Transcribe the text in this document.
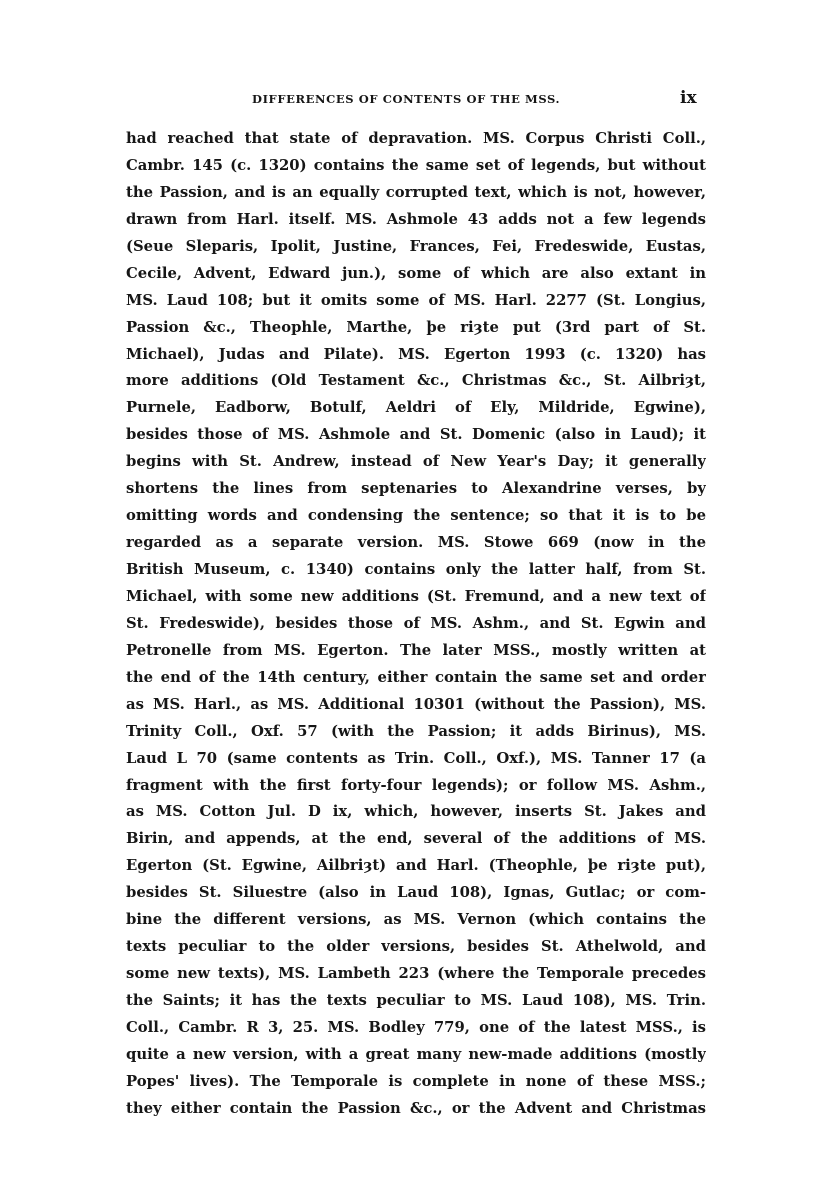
DIFFERENCES OF CONTENTS OF THE MSS.	ix
had reached that state of depravation. MS. Corpus Christi Coll.,
Cambr. 145 (c. 1320) contains the same set of legends, but without
the Passion, and is an equally corrupted text, which is not, however,
drawn from Harl. itself. MS. Ashmole 43 adds not a few legends
(Seue Sleparis, Ipolit, Justine, Frances, Fei, Fredeswide, Eustas,
Cecile, Advent, Edward jun.), some of which are also extant in
MS. Laud 108; but it omits some of MS. Harl. 2277 (St. Longius,
Passion &c., Theophle, Marthe, þe riȝte put (3rd part of St.
Michael), Judas and Pilate). MS. Egerton 1993 (c. 1320) has
more additions (Old Testament &c., Christmas &c., St. Ailbriȝt,
Purnele, Eadborw, Botulf, Aeldri of Ely, Mildride, Egwine),
besides those of MS. Ashmole and St. Domenic (also in Laud); it
begins with St. Andrew, instead of New Year's Day; it generally
shortens the lines from septenaries to Alexandrine verses, by
omitting words and condensing the sentence; so that it is to be
regarded as a separate version. MS. Stowe 669 (now in the
British Museum, c. 1340) contains only the latter half, from St.
Michael, with some new additions (St. Fremund, and a new text of
St. Fredeswide), besides those of MS. Ashm., and St. Egwin and
Petronelle from MS. Egerton. The later MSS., mostly written at
the end of the 14th century, either contain the same set and order
as MS. Harl., as MS. Additional 10301 (without the Passion), MS.
Trinity Coll., Oxf. 57 (with the Passion; it adds Birinus), MS.
Laud L 70 (same contents as Trin. Coll., Oxf.), MS. Tanner 17 (a
fragment with the first forty-four legends); or follow MS. Ashm.,
as MS. Cotton Jul. D ix, which, however, inserts St. Jakes and
Birin, and appends, at the end, several of the additions of MS.
Egerton (St. Egwine, Ailbriȝt) and Harl. (Theophle, þe riȝte put),
besides St. Siluestre (also in Laud 108), Ignas, Gutlac; or com-
bine the different versions, as MS. Vernon (which contains the
texts peculiar to the older versions, besides St. Athelwold, and
some new texts), MS. Lambeth 223 (where the Temporale precedes
the Saints; it has the texts peculiar to MS. Laud 108), MS. Trin.
Coll., Cambr. R 3, 25. MS. Bodley 779, one of the latest MSS., is
quite a new version, with a great many new-made additions (mostly
Popes' lives). The Temporale is complete in none of these MSS.;
they either contain the Passion &c., or the Advent and Christmas
